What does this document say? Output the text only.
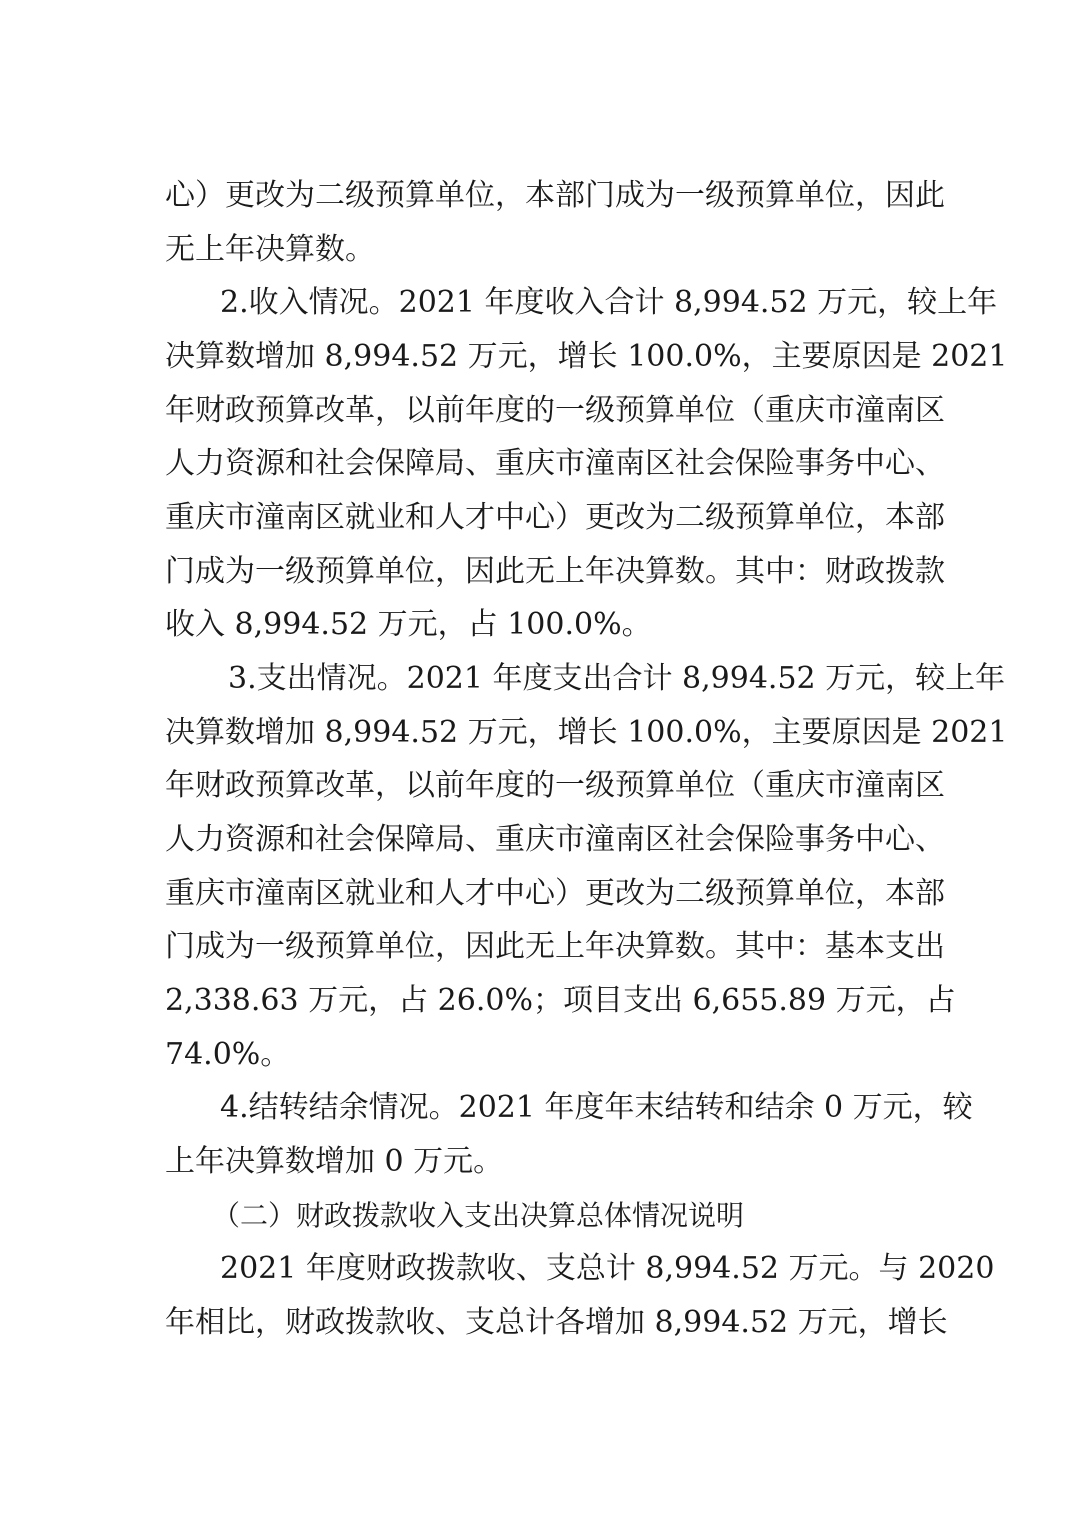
心）更改为二级预算单位，本部门成为一级预算单位，因此
无上年决算数。
2.收入情况。2021 年度收入合计 8,994.52 万元，较上年
决算数增加 8,994.52 万元，增长 100.0%，主要原因是 2021
年财政预算改革，以前年度的一级预算单位（重庆市潼南区
人力资源和社会保障局、重庆市潼南区社会保险事务中心、
重庆市潼南区就业和人才中心）更改为二级预算单位，本部
门成为一级预算单位，因此无上年决算数。其中：财政拨款
收入 8,994.52 万元，占 100.0%。
3.支出情况。2021 年度支出合计 8,994.52 万元，较上年
决算数增加 8,994.52 万元，增长 100.0%，主要原因是 2021
年财政预算改革，以前年度的一级预算单位（重庆市潼南区
人力资源和社会保障局、重庆市潼南区社会保险事务中心、
重庆市潼南区就业和人才中心）更改为二级预算单位，本部
门成为一级预算单位，因此无上年决算数。其中：基本支出
2,338.63 万元，占 26.0%；项目支出 6,655.89 万元，占
74.0%。
4.结转结余情况。2021 年度年末结转和结余 0 万元，较
上年决算数增加 0 万元。
（二）财政拨款收入支出决算总体情况说明
2021 年度财政拨款收、支总计 8,994.52 万元。与 2020
年相比，财政拨款收、支总计各增加 8,994.52 万元，增长
